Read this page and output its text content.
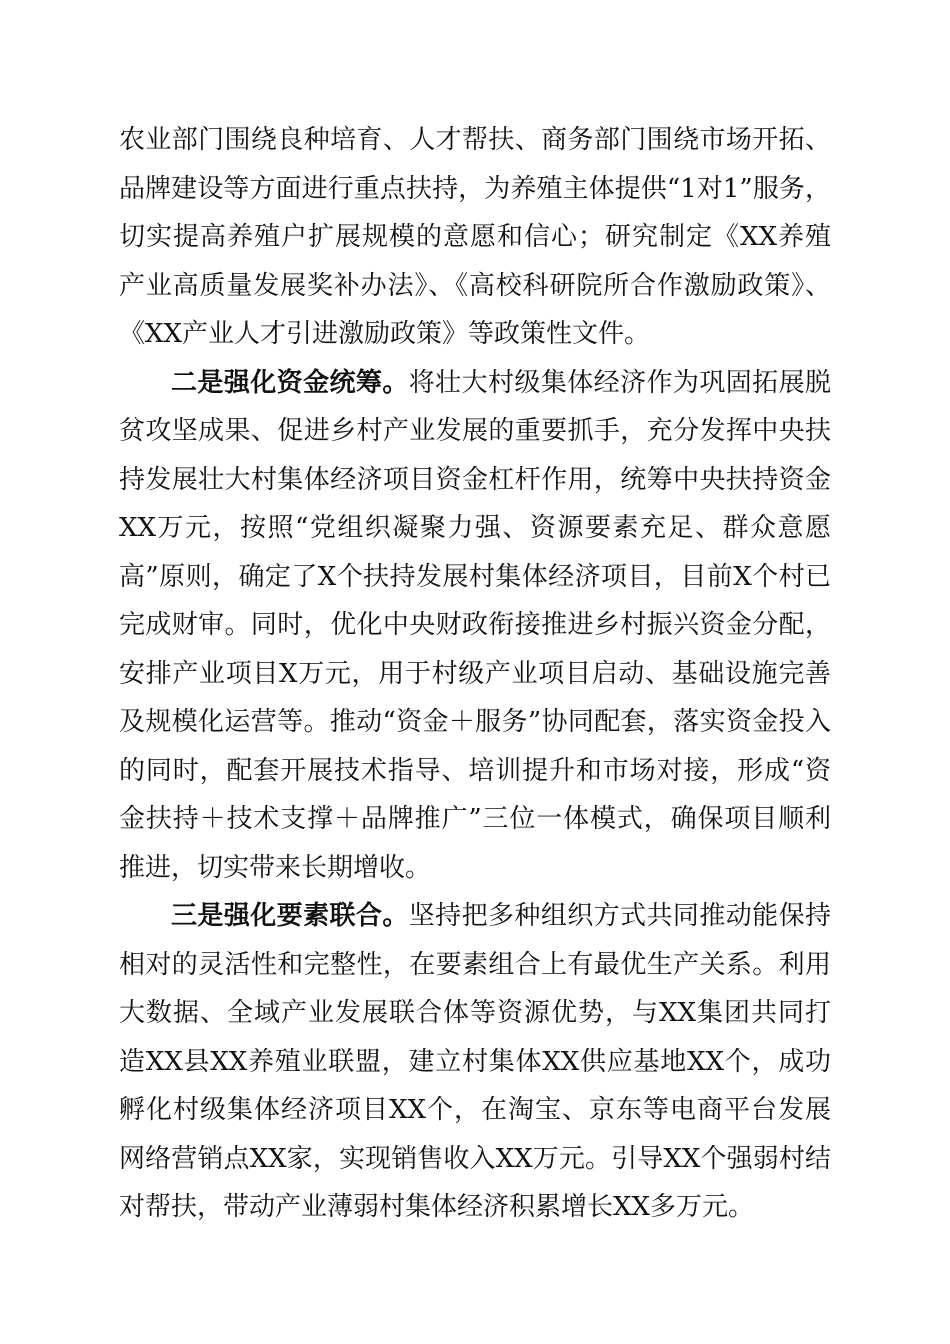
农业部门围绕良种培育、人才帮扶、商务部门围绕市场开拓、品牌建设等方面进行重点扶持，为养殖主体提供“1对1”服务，切实提高养殖户扩展规模的意愿和信心；研究制定《XX养殖产业高质量发展奖补办法》、《高校科研院所合作激励政策》、《XX产业人才引进激励政策》等政策性文件。

二是强化资金统筹。将壮大村级集体经济作为巩固拓展脱贫攻坚成果、促进乡村产业发展的重要抓手，充分发挥中央扶持发展壮大村集体经济项目资金杠杆作用，统筹中央扶持资金XX万元，按照“党组织凝聚力强、资源要素充足、群众意愿高”原则，确定了X个扶持发展村集体经济项目，目前X个村已完成财审。同时，优化中央财政衔接推进乡村振兴资金分配，安排产业项目X万元，用于村级产业项目启动、基础设施完善及规模化运营等。推动“资金＋服务”协同配套，落实资金投入的同时，配套开展技术指导、培训提升和市场对接，形成“资金扶持＋技术支撑＋品牌推广”三位一体模式，确保项目顺利推进，切实带来长期增收。

三是强化要素联合。坚持把多种组织方式共同推动能保持相对的灵活性和完整性，在要素组合上有最优生产关系。利用大数据、全域产业发展联合体等资源优势，与XX集团共同打造XX县XX养殖业联盟，建立村集体XX供应基地XX个，成功孵化村级集体经济项目XX个，在淘宝、京东等电商平台发展网络营销点XX家，实现销售收入XX万元。引导XX个强弱村结对帮扶，带动产业薄弱村集体经济积累增长XX多万元。
